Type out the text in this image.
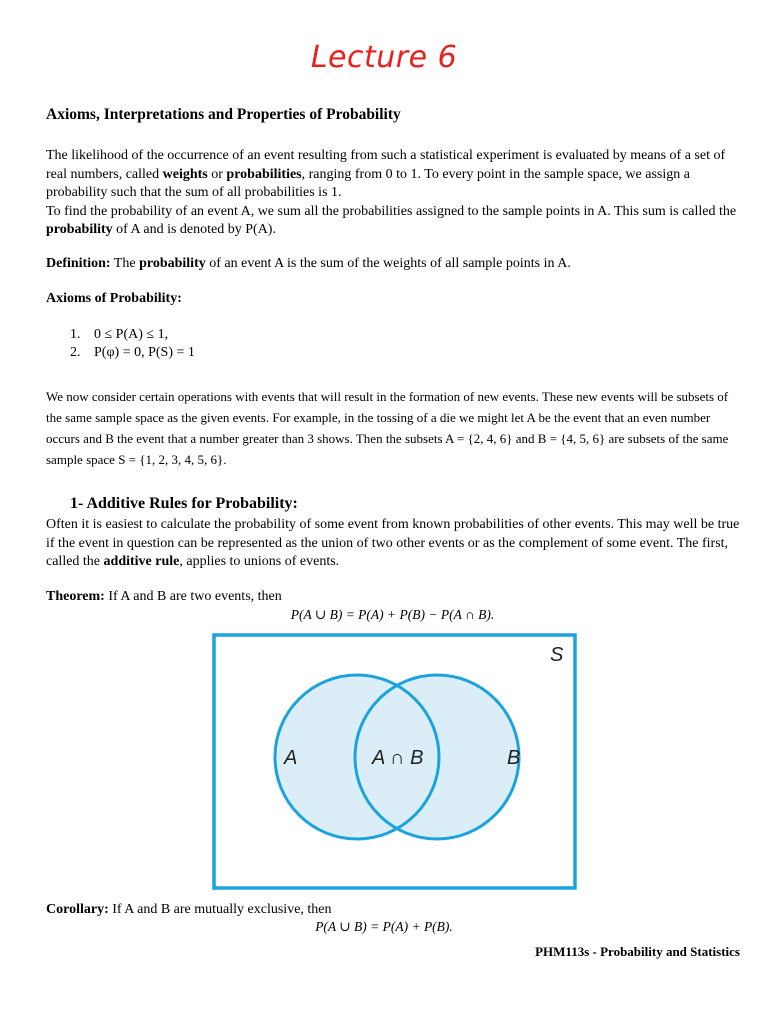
Lecture 6
Axioms, Interpretations and Properties of Probability
The likelihood of the occurrence of an event resulting from such a statistical experiment is evaluated by means of a set of real numbers, called weights or probabilities, ranging from 0 to 1. To every point in the sample space, we assign a probability such that the sum of all probabilities is 1.
To find the probability of an event A, we sum all the probabilities assigned to the sample points in A. This sum is called the probability of A and is denoted by P(A).
Definition: The probability of an event A is the sum of the weights of all sample points in A.
Axioms of Probability:
1. 0 ≤ P(A) ≤ 1,
2. P(φ) = 0, P(S) = 1
We now consider certain operations with events that will result in the formation of new events. These new events will be subsets of the same sample space as the given events. For example, in the tossing of a die we might let A be the event that an even number occurs and B the event that a number greater than 3 shows. Then the subsets A = {2, 4, 6} and B = {4, 5, 6} are subsets of the same sample space S = {1, 2, 3, 4, 5, 6}.
1- Additive Rules for Probability:
Often it is easiest to calculate the probability of some event from known probabilities of other events. This may well be true if the event in question can be represented as the union of two other events or as the complement of some event. The first, called the additive rule, applies to unions of events.
Theorem: If A and B are two events, then
P(A ∪ B) = P(A) + P(B) − P(A ∩ B).
S
A	A ∩ B	B
Corollary: If A and B are mutually exclusive, then
P(A ∪ B) = P(A) + P(B).
PHM113s - Probability and Statistics
